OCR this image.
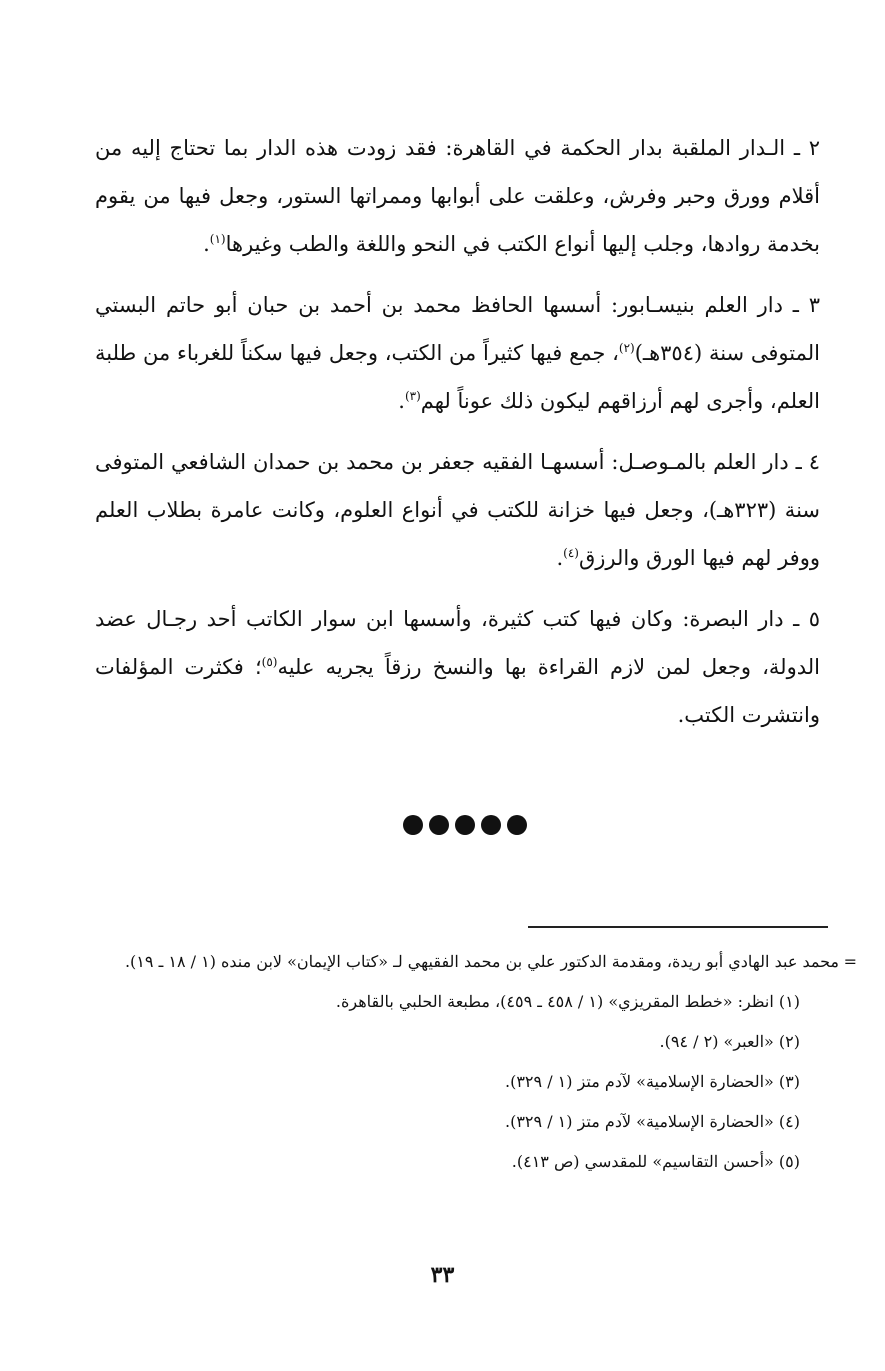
٢ ـ الـدار الملقبة بدار الحكمة في القاهرة: فقد زودت هذه الدار بما تحتاج إليه من أقلام وورق وحبر وفرش، وعلقت على أبوابها وممراتها الستور، وجعل فيها من يقوم بخدمة روادها، وجلب إليها أنواع الكتب في النحو واللغة والطب وغيرها$^{(١)}$.

٣ ـ دار العلم بنيسـابور: أسسها الحافظ محمد بن أحمد بن حبان أبو حاتم البستي المتوفى سنة (٣٥٤هـ)$^{(٢)}$، جمع فيها كثيراً من الكتب، وجعل فيها سكناً للغرباء من طلبة العلم، وأجرى لهم أرزاقهم ليكون ذلك عوناً لهم$^{(٣)}$.

٤ ـ دار العلم بالمـوصـل: أسسهـا الفقيه جعفر بن محمد بن حمدان الشافعي المتوفى سنة (٣٢٣هـ)، وجعل فيها خزانة للكتب في أنواع العلوم، وكانت عامرة بطلاب العلم ووفر لهم فيها الورق والرزق$^{(٤)}$.

٥ ـ دار البصرة: وكان فيها كتب كثيرة، وأسسها ابن سوار الكاتب أحد رجـال عضد الدولة، وجعل لمن لازم القراءة بها والنسخ رزقاً يجريه عليه$^{(٥)}$؛ فكثرت المؤلفات وانتشرت الكتب.

=
محمد عبد الهادي أبو ريدة، ومقدمة الدكتور علي بن محمد الفقيهي لـ «كتاب الإيمان» لابن منده (١ / ١٨ ـ ١٩).
(١) انظر: «خطط المقريزي» (١ / ٤٥٨ ـ ٤٥٩)، مطبعة الحلبي بالقاهرة.
(٢) «العبر» (٢ / ٩٤).
(٣) «الحضارة الإسلامية» لآدم متز (١ / ٣٢٩).
(٤) «الحضارة الإسلامية» لآدم متز (١ / ٣٢٩).
(٥) «أحسن التقاسيم» للمقدسي (ص ٤١٣).
٣٣
